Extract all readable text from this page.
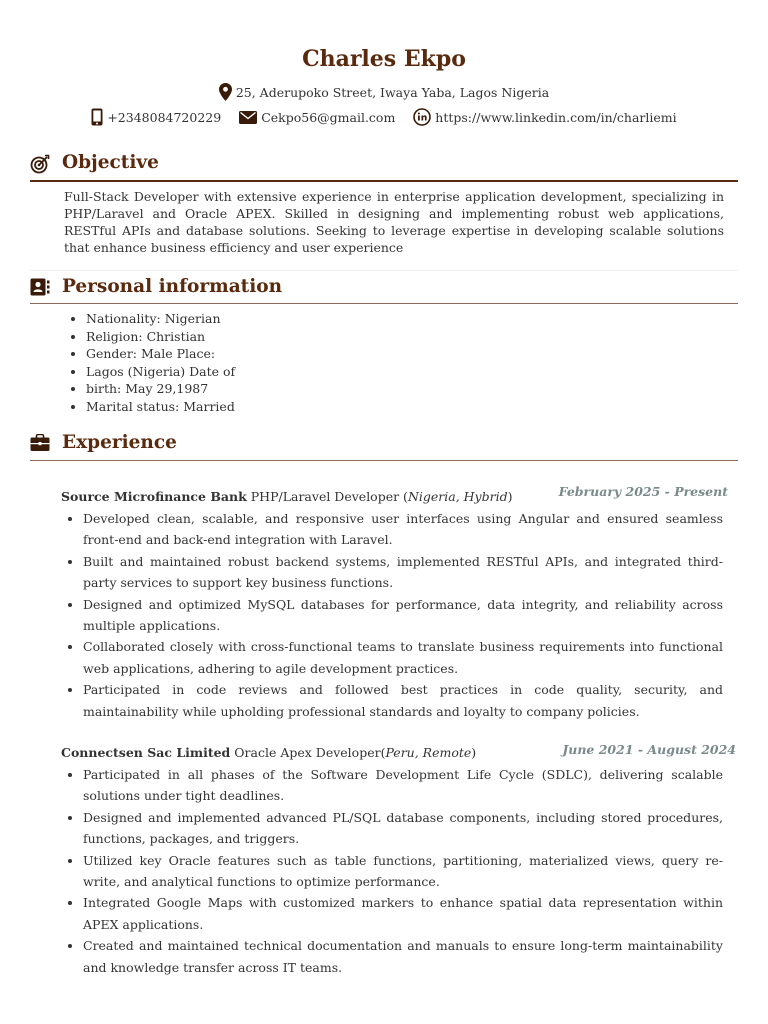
Charles Ekpo
25, Aderupoko Street, Iwaya Yaba, Lagos Nigeria
+2348084720229	Cekpo56@gmail.com	https://www.linkedin.com/in/charliemi
Objective
Full-Stack Developer with extensive experience in enterprise application development, specializing in PHP/Laravel and Oracle APEX. Skilled in designing and implementing robust web applications, RESTful APIs and database solutions. Seeking to leverage expertise in developing scalable solutions that enhance business efficiency and user experience
Personal information
• Nationality: Nigerian
• Religion: Christian
• Gender: Male Place:
• Lagos (Nigeria) Date of
• birth: May 29,1987
• Marital status: Married
Experience
Source Microfinance Bank PHP/Laravel Developer (Nigeria, Hybrid)	February 2025 - Present
• Developed clean, scalable, and responsive user interfaces using Angular and ensured seamless front-end and back-end integration with Laravel.
• Built and maintained robust backend systems, implemented RESTful APIs, and integrated third-party services to support key business functions.
• Designed and optimized MySQL databases for performance, data integrity, and reliability across multiple applications.
• Collaborated closely with cross-functional teams to translate business requirements into functional web applications, adhering to agile development practices.
• Participated in code reviews and followed best practices in code quality, security, and maintainability while upholding professional standards and loyalty to company policies.
Connectsen Sac Limited Oracle Apex Developer(Peru, Remote)	June 2021 - August 2024
• Participated in all phases of the Software Development Life Cycle (SDLC), delivering scalable solutions under tight deadlines.
• Designed and implemented advanced PL/SQL database components, including stored procedures, functions, packages, and triggers.
• Utilized key Oracle features such as table functions, partitioning, materialized views, query re-write, and analytical functions to optimize performance.
• Integrated Google Maps with customized markers to enhance spatial data representation within APEX applications.
• Created and maintained technical documentation and manuals to ensure long-term maintainability and knowledge transfer across IT teams.
